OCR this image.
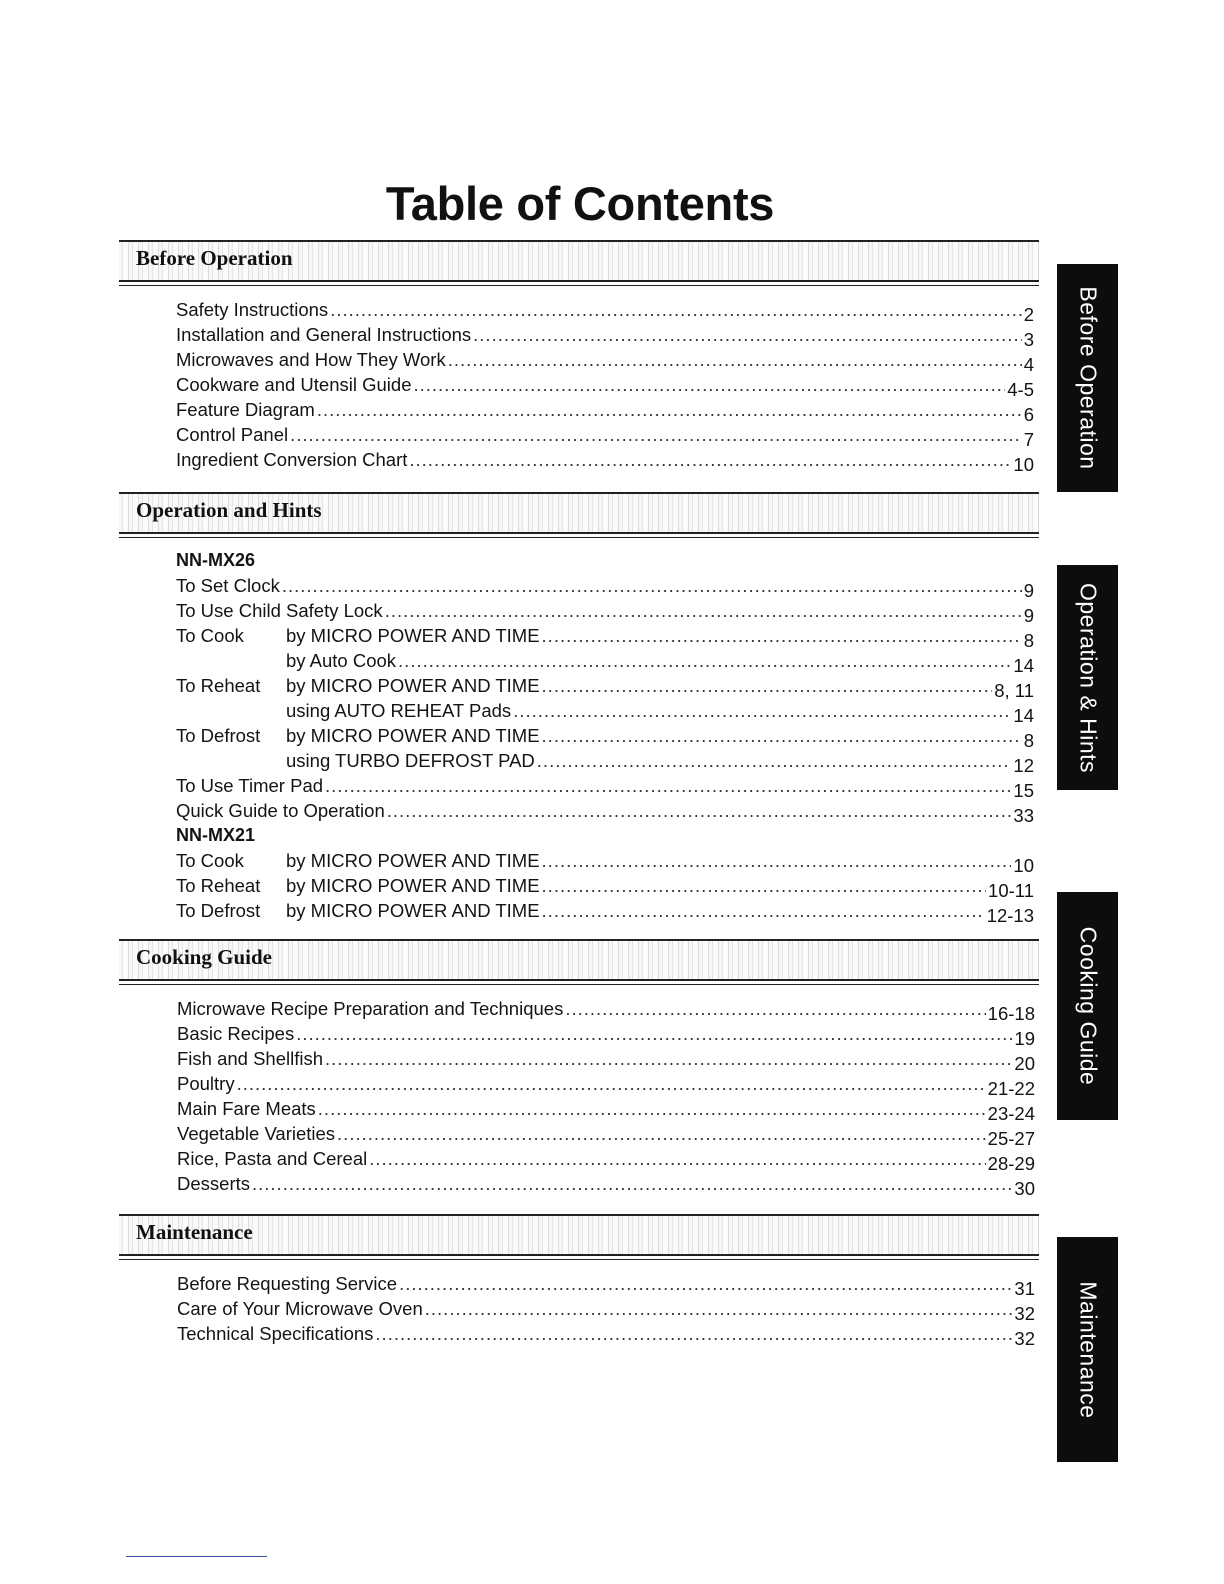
Table of Contents
Before Operation
Safety Instructions .....	2
Installation and General Instructions .....	3
Microwaves and How They Work .....	4
Cookware and Utensil Guide .....	4-5
Feature Diagram .....	6
Control Panel .....	7
Ingredient Conversion Chart .....	10
Operation and Hints
NN-MX26
To Set Clock .....	9
To Use Child Safety Lock .....	9
To Cook	by MICRO POWER AND TIME .....	8
by Auto Cook .....	14
To Reheat	by MICRO POWER AND TIME .....	8, 11
using AUTO REHEAT Pads .....	14
To Defrost	by MICRO POWER AND TIME .....	8
using TURBO DEFROST PAD .....	12
To Use Timer Pad .....	15
Quick Guide to Operation .....	33
NN-MX21
To Cook	by MICRO POWER AND TIME .....	10
To Reheat	by MICRO POWER AND TIME .....	10-11
To Defrost	by MICRO POWER AND TIME .....	12-13
Cooking Guide
Microwave Recipe Preparation and Techniques .....	16-18
Basic Recipes .....	19
Fish and Shellfish .....	20
Poultry .....	21-22
Main Fare Meats .....	23-24
Vegetable Varieties .....	25-27
Rice, Pasta and Cereal .....	28-29
Desserts .....	30
Maintenance
Before Requesting Service .....	31
Care of Your Microwave Oven .....	32
Technical Specifications .....	32
Before Operation
Operation & Hints
Cooking Guide
Maintenance
